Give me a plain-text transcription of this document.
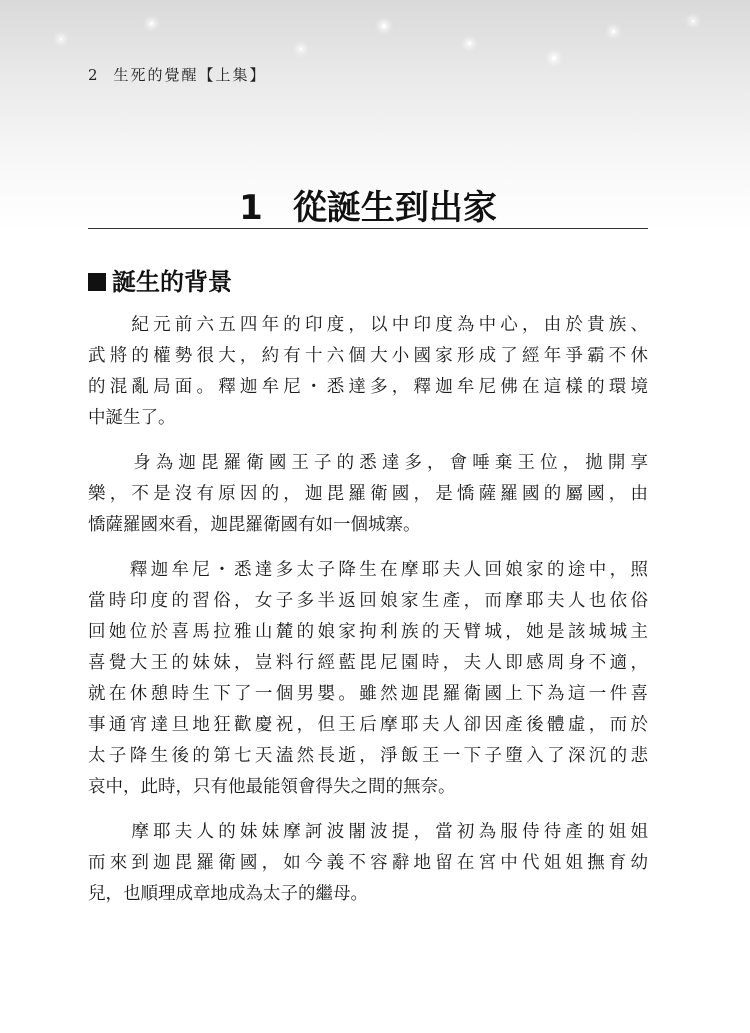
2 生死的覺醒【上集】
1 從誕生到出家
誕生的背景
　　紀元前六五四年的印度，以中印度為中心，由於貴族、
武將的權勢很大，約有十六個大小國家形成了經年爭霸不休
的混亂局面。釋迦牟尼・悉達多，釋迦牟尼佛在這樣的環境
中誕生了。
　　身為迦毘羅衛國王子的悉達多，會唾棄王位，拋開享
樂，不是沒有原因的，迦毘羅衛國，是憍薩羅國的屬國，由
憍薩羅國來看，迦毘羅衛國有如一個城寨。
　　釋迦牟尼・悉達多太子降生在摩耶夫人回娘家的途中，照
當時印度的習俗，女子多半返回娘家生產，而摩耶夫人也依俗
回她位於喜馬拉雅山麓的娘家拘利族的天臂城，她是該城城主
喜覺大王的妹妹，豈料行經藍毘尼園時，夫人即感周身不適，
就在休憩時生下了一個男嬰。雖然迦毘羅衛國上下為這一件喜
事通宵達旦地狂歡慶祝，但王后摩耶夫人卻因產後體虛，而於
太子降生後的第七天溘然長逝，淨飯王一下子墮入了深沉的悲
哀中，此時，只有他最能領會得失之間的無奈。
　　摩耶夫人的妹妹摩訶波闍波提，當初為服侍待產的姐姐
而來到迦毘羅衛國，如今義不容辭地留在宮中代姐姐撫育幼
兒，也順理成章地成為太子的繼母。
